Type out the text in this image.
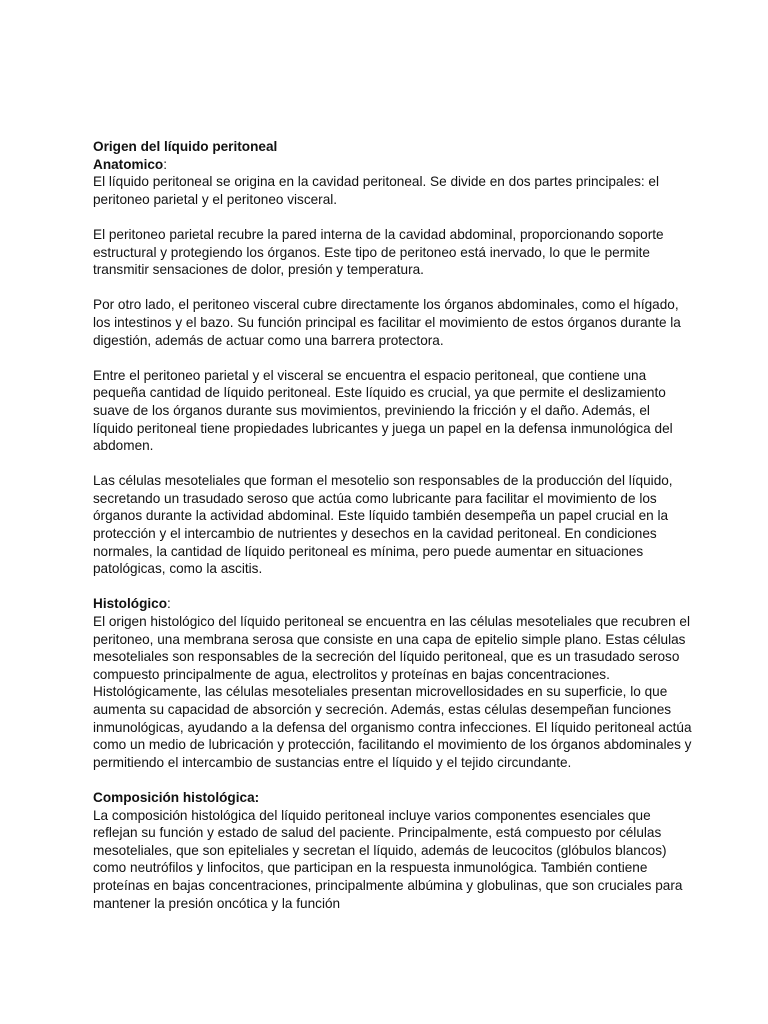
Origen del líquido peritoneal

Anatomico:

El líquido peritoneal se origina en la cavidad peritoneal. Se divide en dos partes principales: el peritoneo parietal y el peritoneo visceral.

El peritoneo parietal recubre la pared interna de la cavidad abdominal, proporcionando soporte estructural y protegiendo los órganos. Este tipo de peritoneo está inervado, lo que le permite transmitir sensaciones de dolor, presión y temperatura.

Por otro lado, el peritoneo visceral cubre directamente los órganos abdominales, como el hígado, los intestinos y el bazo. Su función principal es facilitar el movimiento de estos órganos durante la digestión, además de actuar como una barrera protectora.

Entre el peritoneo parietal y el visceral se encuentra el espacio peritoneal, que contiene una pequeña cantidad de líquido peritoneal. Este líquido es crucial, ya que permite el deslizamiento suave de los órganos durante sus movimientos, previniendo la fricción y el daño. Además, el líquido peritoneal tiene propiedades lubricantes y juega un papel en la defensa inmunológica del abdomen.

Las células mesoteliales que forman el mesotelio son responsables de la producción del líquido, secretando un trasudado seroso que actúa como lubricante para facilitar el movimiento de los órganos durante la actividad abdominal. Este líquido también desempeña un papel crucial en la protección y el intercambio de nutrientes y desechos en la cavidad peritoneal. En condiciones normales, la cantidad de líquido peritoneal es mínima, pero puede aumentar en situaciones patológicas, como la ascitis.

Histológico:

El origen histológico del líquido peritoneal se encuentra en las células mesoteliales que recubren el peritoneo, una membrana serosa que consiste en una capa de epitelio simple plano. Estas células mesoteliales son responsables de la secreción del líquido peritoneal, que es un trasudado seroso compuesto principalmente de agua, electrolitos y proteínas en bajas concentraciones. Histológicamente, las células mesoteliales presentan microvellosidades en su superficie, lo que aumenta su capacidad de absorción y secreción. Además, estas células desempeñan funciones inmunológicas, ayudando a la defensa del organismo contra infecciones. El líquido peritoneal actúa como un medio de lubricación y protección, facilitando el movimiento de los órganos abdominales y permitiendo el intercambio de sustancias entre el líquido y el tejido circundante.

Composición histológica:

La composición histológica del líquido peritoneal incluye varios componentes esenciales que reflejan su función y estado de salud del paciente. Principalmente, está compuesto por células mesoteliales, que son epiteliales y secretan el líquido, además de leucocitos (glóbulos blancos) como neutrófilos y linfocitos, que participan en la respuesta inmunológica. También contiene proteínas en bajas concentraciones, principalmente albúmina y globulinas, que son cruciales para mantener la presión oncótica y la función
